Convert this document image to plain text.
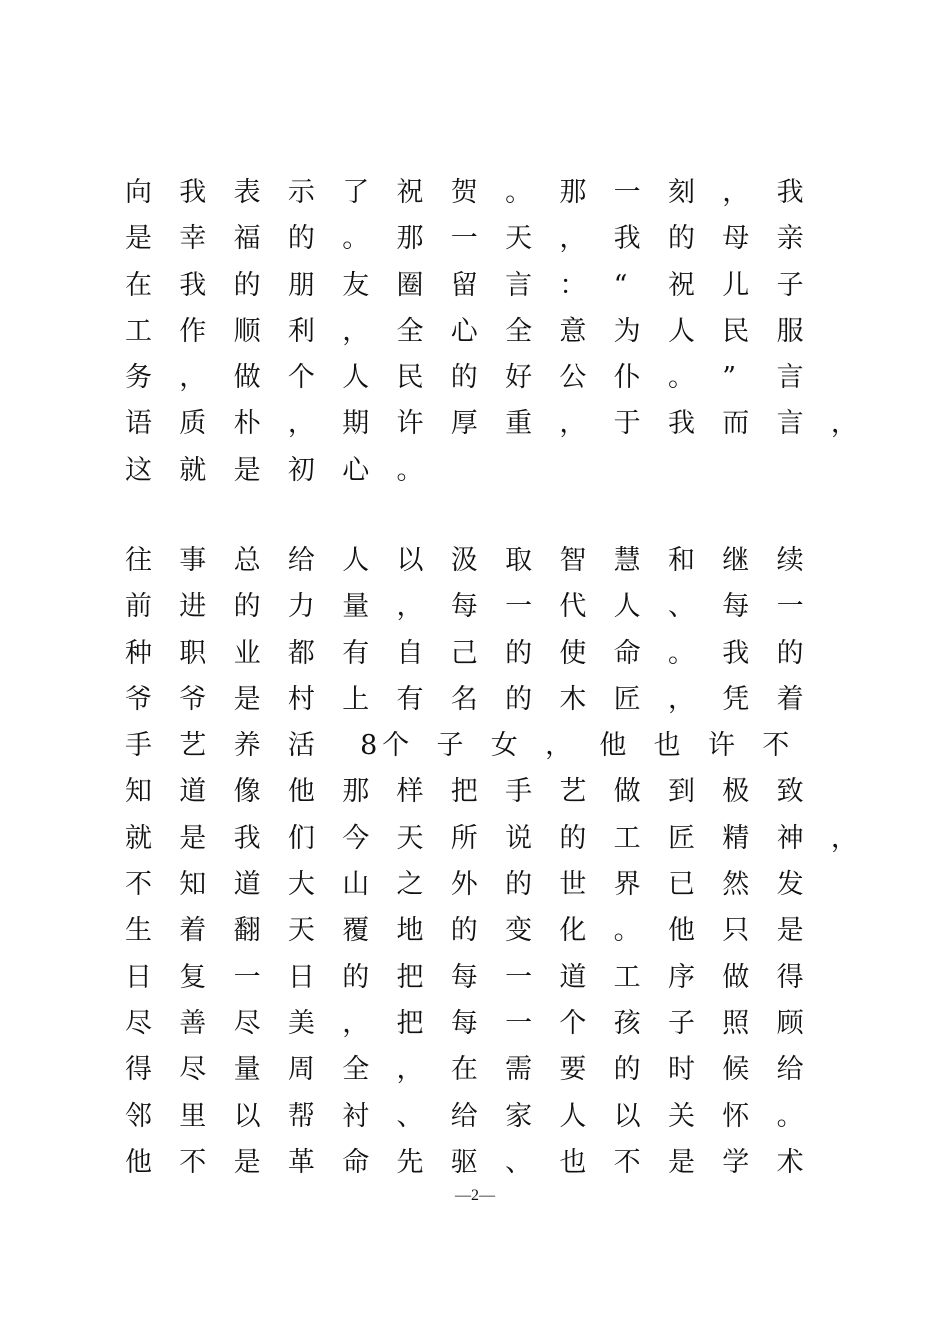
向 我 表 示 了 祝 贺 。 那 一 刻 ， 我
是 幸 福 的 。 那 一 天 ， 我 的 母 亲
在 我 的 朋 友 圈 留 言 ： “ 祝 儿 子
工 作 顺 利 ， 全 心 全 意 为 人 民 服
务 ， 做 个 人 民 的 好 公 仆 。 ” 言
语 质 朴 ， 期 许 厚 重 ， 于 我 而 言 ，
这 就 是 初 心 。
往 事 总 给 人 以 汲 取 智 慧 和 继 续
前 进 的 力 量 ， 每 一 代 人 、 每 一
种 职 业 都 有 自 己 的 使 命 。 我 的
爷 爷 是 村 上 有 名 的 木 匠 ， 凭 着
手 艺 养 活 8 个 子 女 ， 他 也 许 不
知 道 像 他 那 样 把 手 艺 做 到 极 致
就 是 我 们 今 天 所 说 的 工 匠 精 神 ，
不 知 道 大 山 之 外 的 世 界 已 然 发
生 着 翻 天 覆 地 的 变 化 。 他 只 是
日 复 一 日 的 把 每 一 道 工 序 做 得
尽 善 尽 美 ， 把 每 一 个 孩 子 照 顾
得 尽 量 周 全 ， 在 需 要 的 时 候 给
邻 里 以 帮 衬 、 给 家 人 以 关 怀 。
他 不 是 革 命 先 驱 、 也 不 是 学 术
—2—
